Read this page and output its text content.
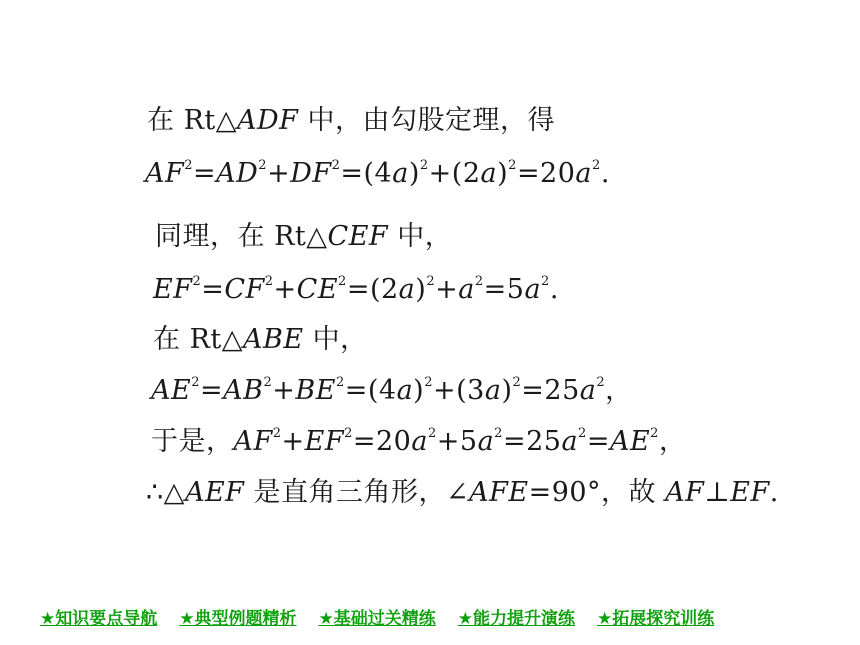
在 Rt△ADF 中，由勾股定理，得
$AF^2=AD^2+DF^2=(4a)^2+(2a)^2=20a^2$.
同理，在 Rt△CEF 中，
$EF^2=CF^2+CE^2=(2a)^2+a^2=5a^2$.
在 Rt△ABE 中，
$AE^2=AB^2+BE^2=(4a)^2+(3a)^2=25a^2$，
于是，$AF^2+EF^2=20a^2+5a^2=25a^2=AE^2$，
∴△AEF 是直角三角形，∠AFE=90°，故 AF⊥EF.
★知识要点导航 ★典型例题精析 ★基础过关精练 ★能力提升演练 ★拓展探究训练
